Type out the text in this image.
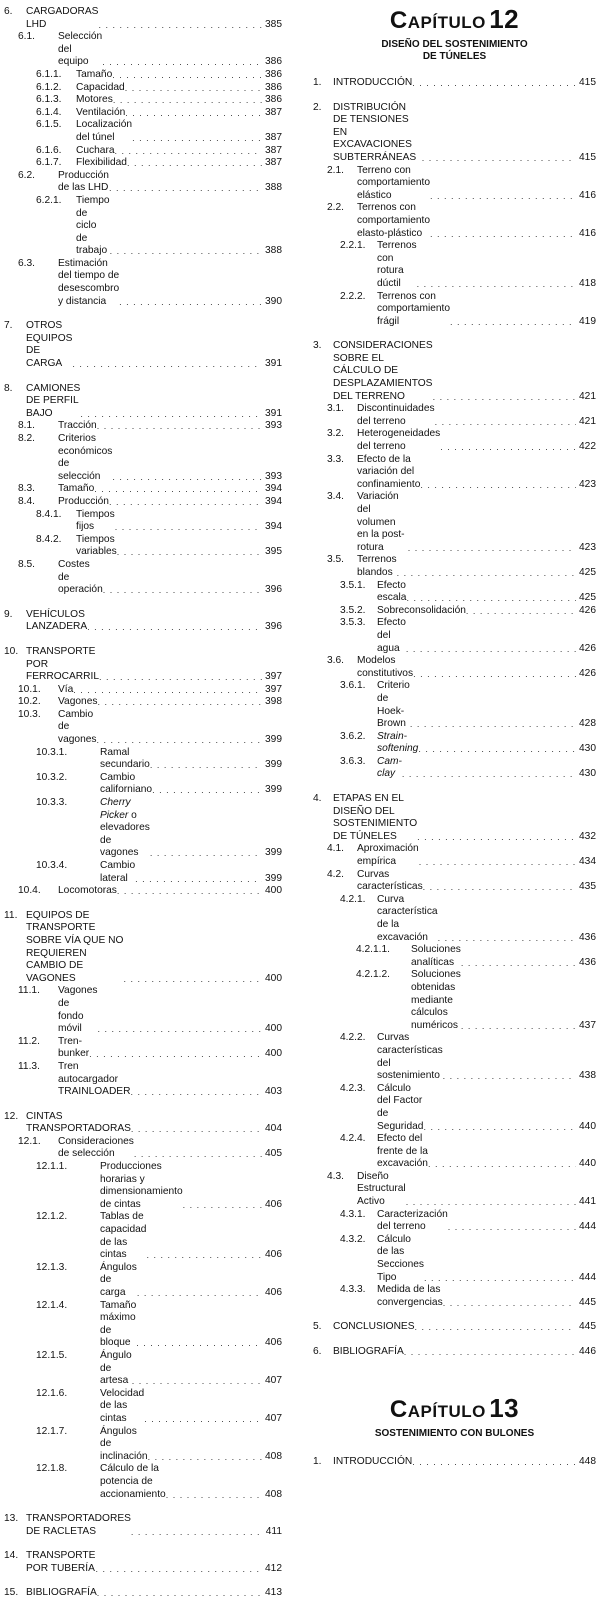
6.	CARGADORAS LHD . . .	385
6.1.	Selección del equipo . . .	386
6.1.1.	Tamaño . . .	386
6.1.2.	Capacidad . . .	386
6.1.3.	Motores . . .	386
6.1.4.	Ventilación . . .	387
6.1.5.	Localización del túnel . . .	387
6.1.6.	Cuchara . . .	387
6.1.7.	Flexibilidad . . .	387
6.2.	Producción de las LHD . . .	388
6.2.1.	Tiempo de ciclo de trabajo . . .	388
6.3.	Estimación del tiempo de desescombro y distancia . . .	390
7.	OTROS EQUIPOS DE CARGA . . .	391
8.	CAMIONES DE PERFIL BAJO . . .	391
8.1.	Tracción . . .	393
8.2.	Criterios económicos de selección . . .	393
8.3.	Tamaño . . .	394
8.4.	Producción . . .	394
8.4.1.	Tiempos fijos . . .	394
8.4.2.	Tiempos variables . . .	395
8.5.	Costes de operación . . .	396
9.	VEHÍCULOS LANZADERA . . .	396
10. TRANSPORTE POR FERROCARRIL . . .	397
10.1.	Vía . . .	397
10.2.	Vagones . . .	398
10.3.	Cambio de vagones . . .	399
10.3.1.	Ramal secundario . . .	399
10.3.2.	Cambio californiano . . .	399
10.3.3.	Cherry Picker o elevadores de vagones . . .	399
10.3.4.	Cambio lateral . . .	399
10.4.	Locomotoras . . .	400
11. EQUIPOS DE TRANSPORTE SOBRE VÍA QUE NO REQUIEREN CAMBIO DE VAGONES . . .	400
11.1.	Vagones de fondo móvil . . .	400
11.2.	Tren-bunker . . .	400
11.3.	Tren autocargador TRAINLOADER . . .	403
12. CINTAS TRANSPORTADORAS . . .	404
12.1.	Consideraciones de selección . . .	405
12.1.1.	Producciones horarias y dimensionamiento de cintas . . .	406
12.1.2.	Tablas de capacidad de las cintas . . .	406
12.1.3.	Ángulos de carga . . .	406
12.1.4.	Tamaño máximo de bloque . . .	406
12.1.5.	Ángulo de artesa . . .	407
12.1.6.	Velocidad de las cintas . . .	407
12.1.7.	Ángulos de inclinación . . .	408
12.1.8.	Cálculo de la potencia de accionamiento . . .	408
13. TRANSPORTADORES DE RACLETAS . . .	411
14. TRANSPORTE POR TUBERÍA . . .	412
15. BIBLIOGRAFÍA . . .	413
CAPÍTULO 12
DISEÑO DEL SOSTENIMIENTO
DE TÚNELES
1.	INTRODUCCIÓN . . .	415
2.	DISTRIBUCIÓN DE TENSIONES EN EXCAVACIONES SUBTERRÁNEAS . . .	415
2.1.	Terreno con comportamiento elástico . . .	416
2.2.	Terrenos con comportamiento elasto-plástico . . .	416
2.2.1.	Terrenos con rotura dúctil . . .	418
2.2.2.	Terrenos con comportamiento frágil . . .	419
3.	CONSIDERACIONES SOBRE EL CÁLCULO DE DESPLAZAMIENTOS DEL TERRENO . . .	421
3.1.	Discontinuidades del terreno . . .	421
3.2.	Heterogeneidades del terreno . . .	422
3.3.	Efecto de la variación del confinamiento . . .	423
3.4.	Variación del volumen en la post-rotura . . .	423
3.5.	Terrenos blandos . . .	425
3.5.1.	Efecto escala . . .	425
3.5.2.	Sobreconsolidación . . .	426
3.5.3.	Efecto del agua . . .	426
3.6.	Modelos constitutivos . . .	426
3.6.1.	Criterio de Hoek-Brown . . .	428
3.6.2.	Strain-softening . . .	430
3.6.3.	Cam-clay . . .	430
4.	ETAPAS EN EL DISEÑO DEL SOSTENIMIENTO DE TÚNELES . . .	432
4.1.	Aproximación empírica . . .	434
4.2.	Curvas características . . .	435
4.2.1.	Curva característica de la excavación . . .	436
4.2.1.1.	Soluciones analíticas . . .	436
4.2.1.2.	Soluciones obtenidas mediante cálculos numéricos . . .	437
4.2.2.	Curvas características del sostenimiento . . .	438
4.2.3.	Cálculo del Factor de Seguridad . . .	440
4.2.4.	Efecto del frente de la excavación . . .	440
4.3.	Diseño Estructural Activo . . .	441
4.3.1.	Caracterización del terreno . . .	444
4.3.2.	Cálculo de las Secciones Tipo . . .	444
4.3.3.	Medida de las convergencias . . .	445
5.	CONCLUSIONES . . .	445
6.	BIBLIOGRAFÍA . . .	446
CAPÍTULO 13
SOSTENIMIENTO CON BULONES
1.	INTRODUCCIÓN . . .	448
